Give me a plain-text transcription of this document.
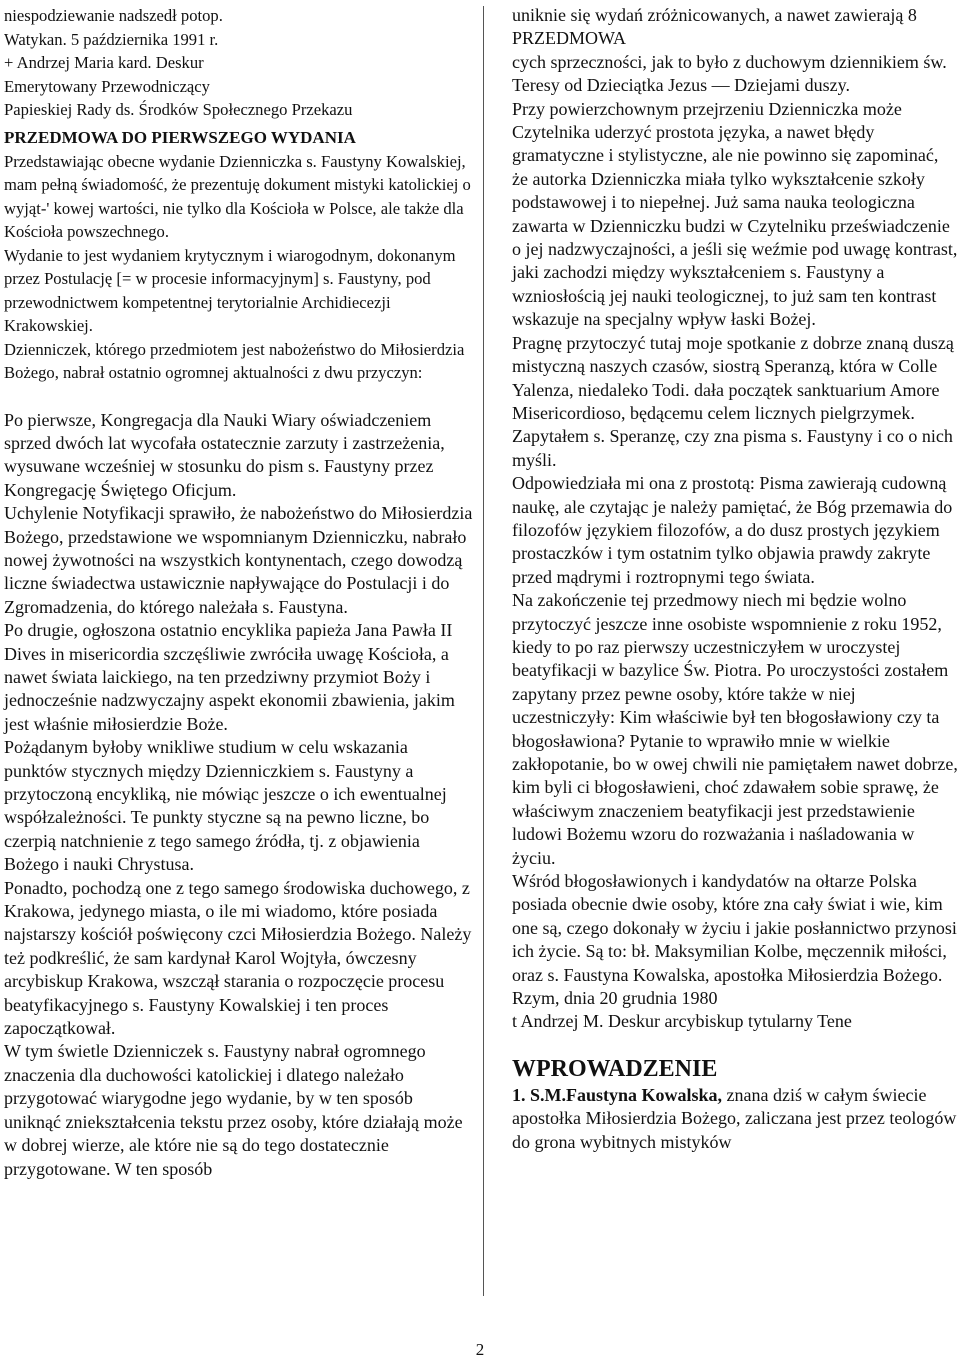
niespodziewanie nadszedł potop.

Watykan. 5 października 1991 r.

+ Andrzej Maria kard. Deskur

Emerytowany Przewodniczący

Papieskiej Rady ds. Środków Społecznego Przekazu

PRZEDMOWA DO PIERWSZEGO WYDANIA

Przedstawiając obecne wydanie Dzienniczka s. Faustyny Kowalskiej, mam pełną świadomość, że prezentuję dokument mistyki katolickiej o wyjąt-' kowej wartości, nie tylko dla Kościoła w Polsce, ale także dla Kościoła powszechnego.

Wydanie to jest wydaniem krytycznym i wiarogodnym, dokonanym przez Postulację [= w procesie informacyjnym] s. Faustyny, pod przewodnictwem kompetentnej terytorialnie Archidiecezji Krakowskiej.

Dzienniczek, którego przedmiotem jest nabożeństwo do Miłosierdzia Bożego, nabrał ostatnio ogromnej aktualności z dwu przyczyn:

Po pierwsze, Kongregacja dla Nauki Wiary oświadczeniem sprzed dwóch lat wycofała ostatecznie zarzuty i zastrzeżenia, wysuwane wcześniej w stosunku do pism s. Faustyny przez Kongregację Świętego Oficjum.

Uchylenie Notyfikacji sprawiło, że nabożeństwo do Miłosierdzia Bożego, przedstawione we wspomnianym Dzienniczku, nabrało nowej żywotności na wszystkich kontynentach, czego dowodzą liczne świadectwa ustawicznie napływające do Postulacji i do Zgromadzenia, do którego należała s. Faustyna.

Po drugie, ogłoszona ostatnio encyklika papieża Jana Pawła II Dives in misericordia szczęśliwie zwróciła uwagę Kościoła, a nawet świata laickiego, na ten przedziwny przymiot Boży i jednocześnie nadzwyczajny aspekt ekonomii zbawienia, jakim jest właśnie miłosierdzie Boże.

Pożądanym byłoby wnikliwe studium w celu wskazania punktów stycznych między Dzienniczkiem s. Faustyny a przytoczoną encykliką, nie mówiąc jeszcze o ich ewentualnej współzależności. Te punkty styczne są na pewno liczne, bo czerpią natchnienie z tego samego źródła, tj. z objawienia Bożego i nauki Chrystusa.

Ponadto, pochodzą one z tego samego środowiska duchowego, z Krakowa, jedynego miasta, o ile mi wiadomo, które posiada najstarszy kościół poświęcony czci Miłosierdzia Bożego. Należy też podkreślić, że sam kardynał Karol Wojtyła, ówczesny arcybiskup Krakowa, wszczął starania o rozpoczęcie procesu beatyfikacyjnego s. Faustyny Kowalskiej i ten proces zapoczątkował.

W tym świetle Dzienniczek s. Faustyny nabrał ogromnego znaczenia dla duchowości katolickiej i dlatego należało przygotować wiarygodne jego wydanie, by w ten sposób uniknąć zniekształcenia tekstu przez osoby, które działają może w dobrej wierze, ale które nie są do tego dostatecznie przygotowane. W ten sposób

uniknie się wydań zróżnicowanych, a nawet zawierają 8

PRZEDMOWA

cych sprzeczności, jak to było z duchowym dziennikiem św. Teresy od Dzieciątka Jezus — Dziejami duszy.

Przy powierzchownym przejrzeniu Dzienniczka może Czytelnika uderzyć prostota języka, a nawet błędy gramatyczne i stylistyczne, ale nie powinno się zapominać, że autorka Dzienniczka miała tylko wykształcenie szkoły podstawowej i to niepełnej. Już sama nauka teologiczna zawarta w Dzienniczku budzi w Czytelniku przeświadczenie o jej nadzwyczajności, a jeśli się weźmie pod uwagę kontrast, jaki zachodzi między wykształceniem s. Faustyny a wzniosłością jej nauki teologicznej, to już sam ten kontrast wskazuje na specjalny wpływ łaski Bożej.

Pragnę przytoczyć tutaj moje spotkanie z dobrze znaną duszą mistyczną naszych czasów, siostrą Speranzą, która w Colle Yalenza, niedaleko Todi. dała początek sanktuarium Amore Misericordioso, będącemu celem licznych pielgrzymek. Zapytałem s. Speranzę, czy zna pisma s. Faustyny i co o nich myśli.

Odpowiedziała mi ona z prostotą: Pisma zawierają cudowną naukę, ale czytając je należy pamiętać, że Bóg przemawia do filozofów językiem filozofów, a do dusz prostych językiem prostaczków i tym ostatnim tylko objawia prawdy zakryte przed mądrymi i roztropnymi tego świata.

Na zakończenie tej przedmowy niech mi będzie wolno przytoczyć jeszcze inne osobiste wspomnienie z roku 1952, kiedy to po raz pierwszy uczestniczyłem w uroczystej beatyfikacji w bazylice Św. Piotra. Po uroczystości zostałem zapytany przez pewne osoby, które także w niej uczestniczyły: Kim właściwie był ten błogosławiony czy ta błogosławiona? Pytanie to wprawiło mnie w wielkie zakłopotanie, bo w owej chwili nie pamiętałem nawet dobrze, kim byli ci błogosławieni, choć zdawałem sobie sprawę, że właściwym znaczeniem beatyfikacji jest przedstawienie ludowi Bożemu wzoru do rozważania i naśladowania w życiu.

Wśród błogosławionych i kandydatów na ołtarze Polska posiada obecnie dwie osoby, które zna cały świat i wie, kim one są, czego dokonały w życiu i jakie posłannictwo przynosi ich życie. Są to: bł. Maksymilian Kolbe, męczennik miłości, oraz s. Faustyna Kowalska, apostołka Miłosierdzia Bożego.

Rzym, dnia 20 grudnia 1980

t Andrzej M. Deskur arcybiskup tytularny Tene

WPROWADZENIE

1. S.M.Faustyna Kowalska, znana dziś w całym świecie apostołka Miłosierdzia Bożego, zaliczana jest przez teologów do grona wybitnych mistyków

2
